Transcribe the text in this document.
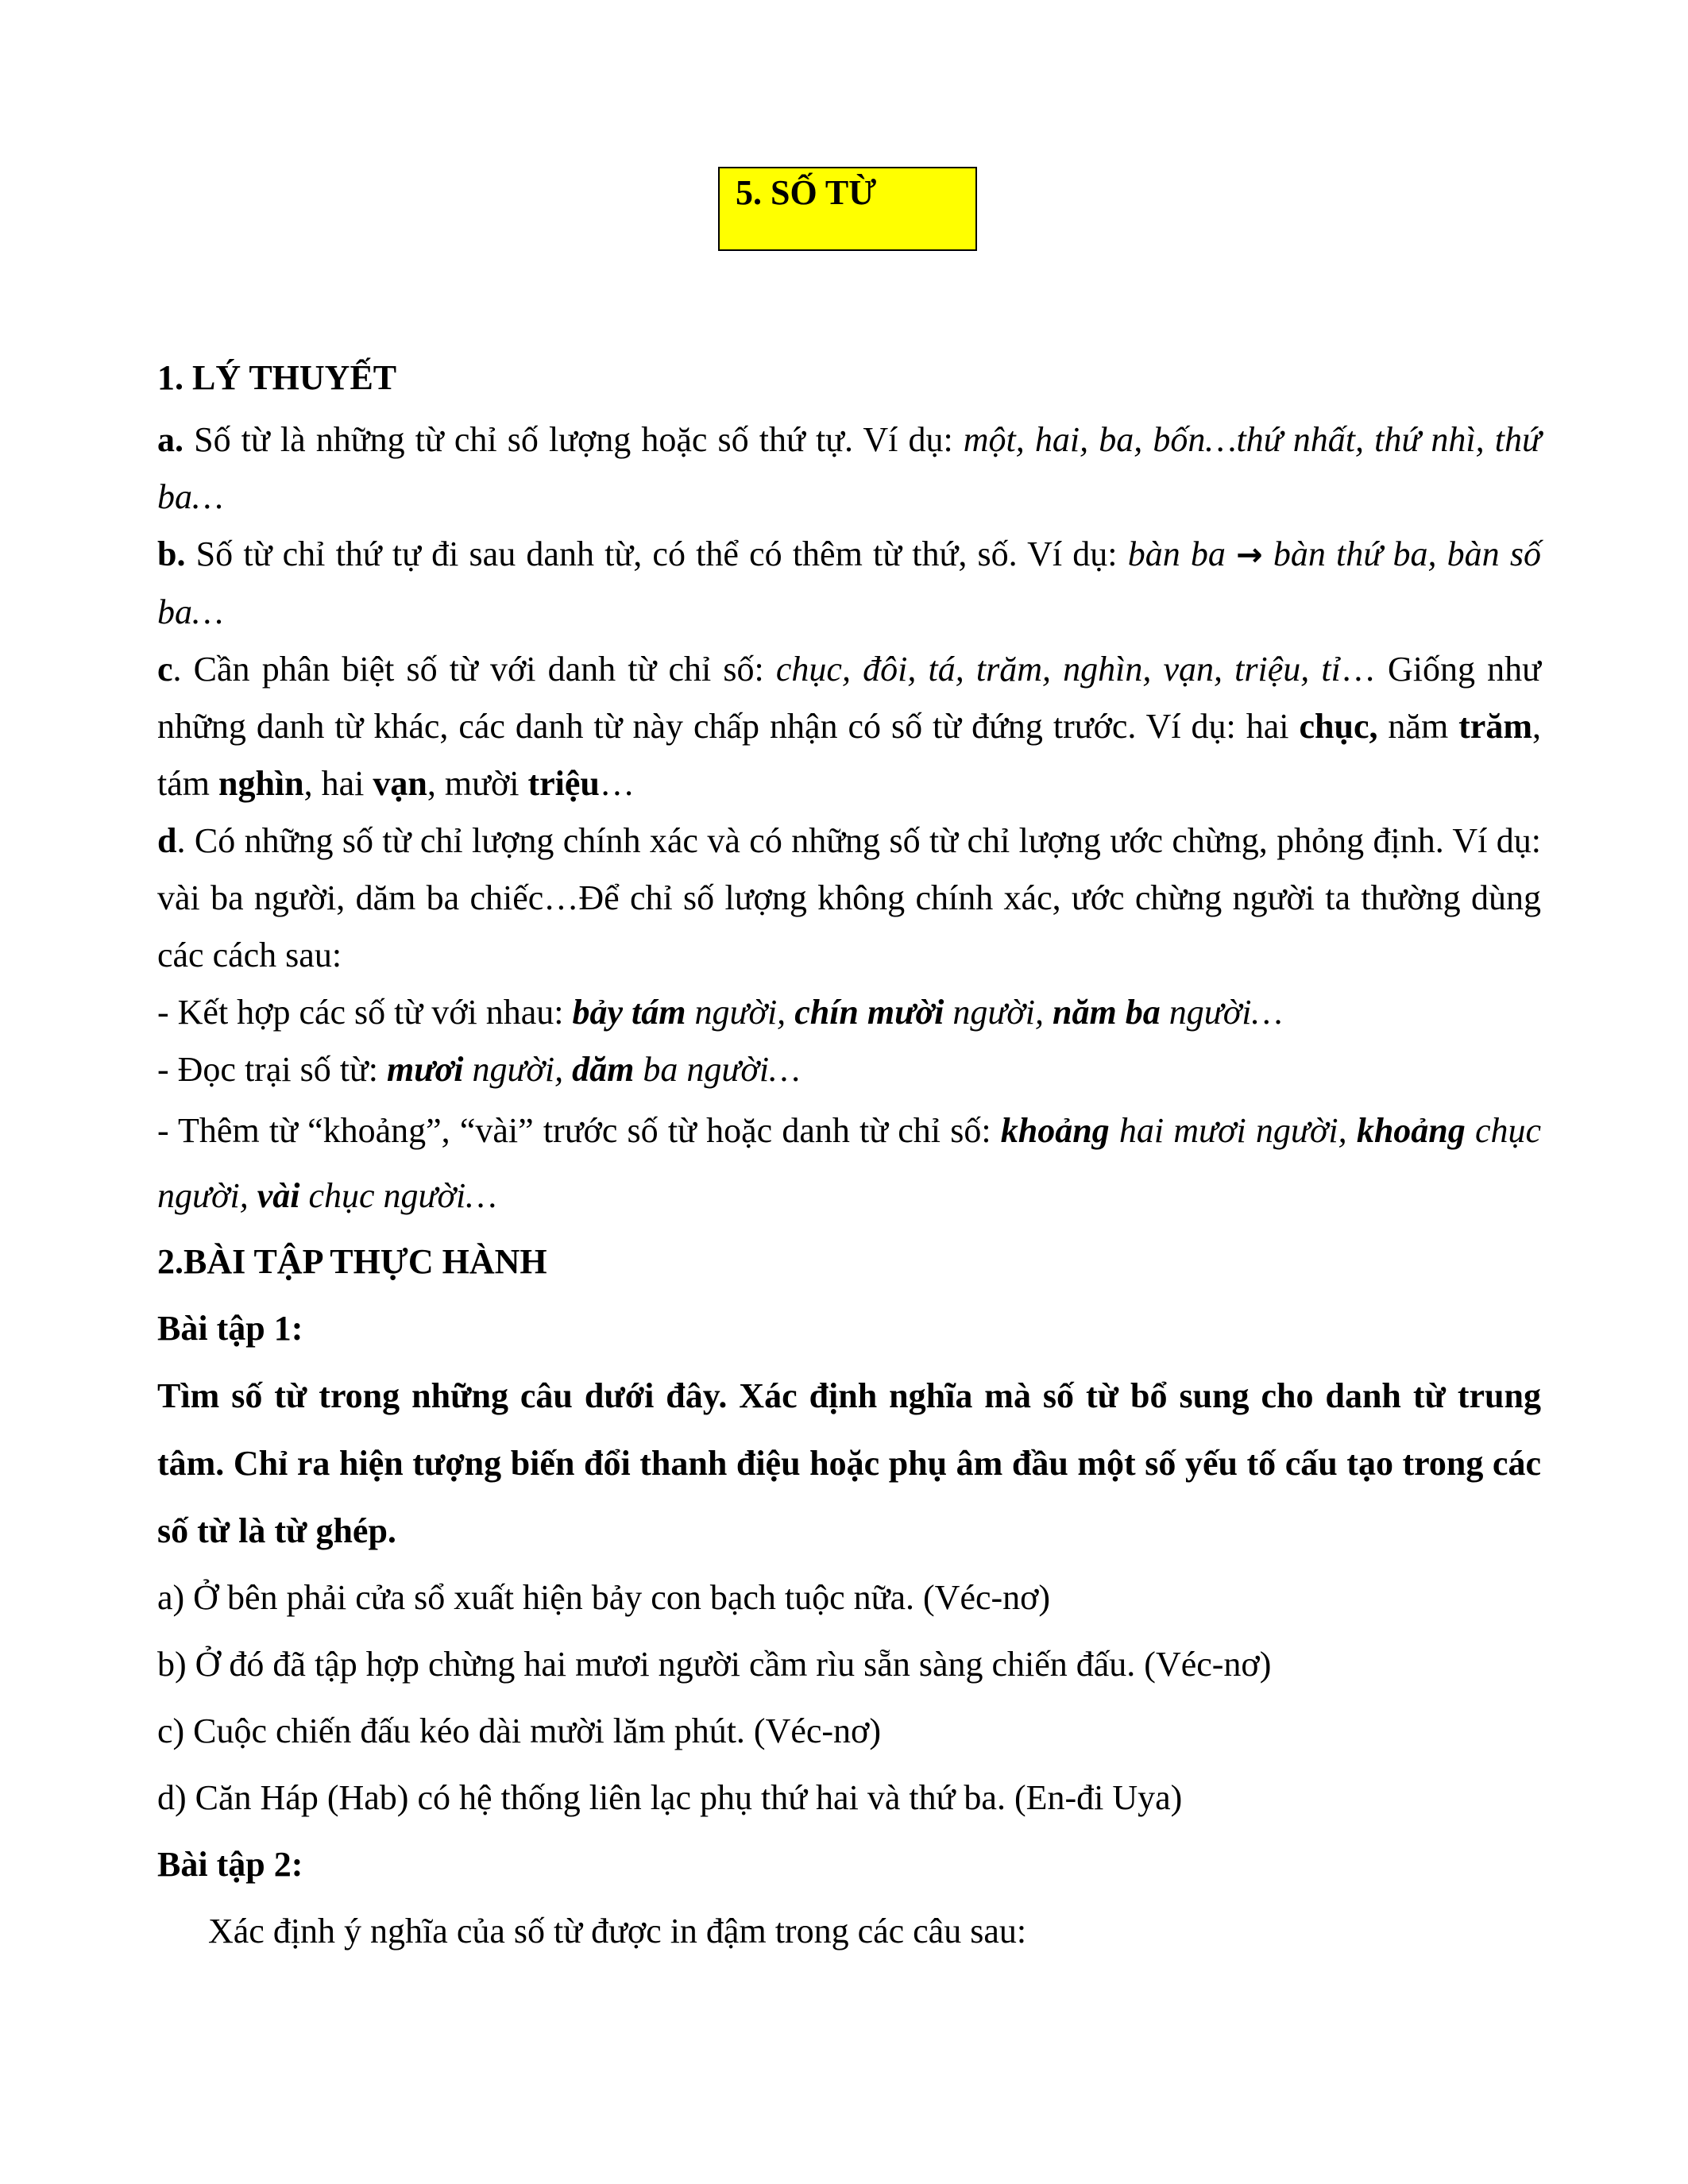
5. SỐ TỪ

1. LÝ THUYẾT

a. Số từ là những từ chỉ số lượng hoặc số thứ tự. Ví dụ: một, hai, ba, bốn…thứ nhất, thứ nhì, thứ ba…

b. Số từ chỉ thứ tự đi sau danh từ, có thể có thêm từ thứ, số. Ví dụ: bàn ba → bàn thứ ba, bàn số ba…

c. Cần phân biệt số từ với danh từ chỉ số: chục, đôi, tá, trăm, nghìn, vạn, triệu, tỉ… Giống như những danh từ khác, các danh từ này chấp nhận có số từ đứng trước. Ví dụ: hai chục, năm trăm, tám nghìn, hai vạn, mười triệu…

d. Có những số từ chỉ lượng chính xác và có những số từ chỉ lượng ước chừng, phỏng định. Ví dụ: vài ba người, dăm ba chiếc…Để chỉ số lượng không chính xác, ước chừng người ta thường dùng các cách sau:

- Kết hợp các số từ với nhau: bảy tám người, chín mười người, năm ba người…

- Đọc trại số từ: mươi người, dăm ba người…

- Thêm từ “khoảng”, “vài” trước số từ hoặc danh từ chỉ số: khoảng hai mươi người, khoảng chục người, vài chục người…

2.BÀI TẬP THỰC HÀNH

Bài tập 1:

Tìm số từ trong những câu dưới đây. Xác định nghĩa mà số từ bổ sung cho danh từ trung tâm. Chỉ ra hiện tượng biến đổi thanh điệu hoặc phụ âm đầu một số yếu tố cấu tạo trong các số từ là từ ghép.

a) Ở bên phải cửa sổ xuất hiện bảy con bạch tuộc nữa. (Véc-nơ)

b) Ở đó đã tập hợp chừng hai mươi người cầm rìu sẵn sàng chiến đấu. (Véc-nơ)

c) Cuộc chiến đấu kéo dài mười lăm phút. (Véc-nơ)

d) Căn Háp (Hab) có hệ thống liên lạc phụ thứ hai và thứ ba. (En-đi Uya)

Bài tập 2:

Xác định ý nghĩa của số từ được in đậm trong các câu sau:
